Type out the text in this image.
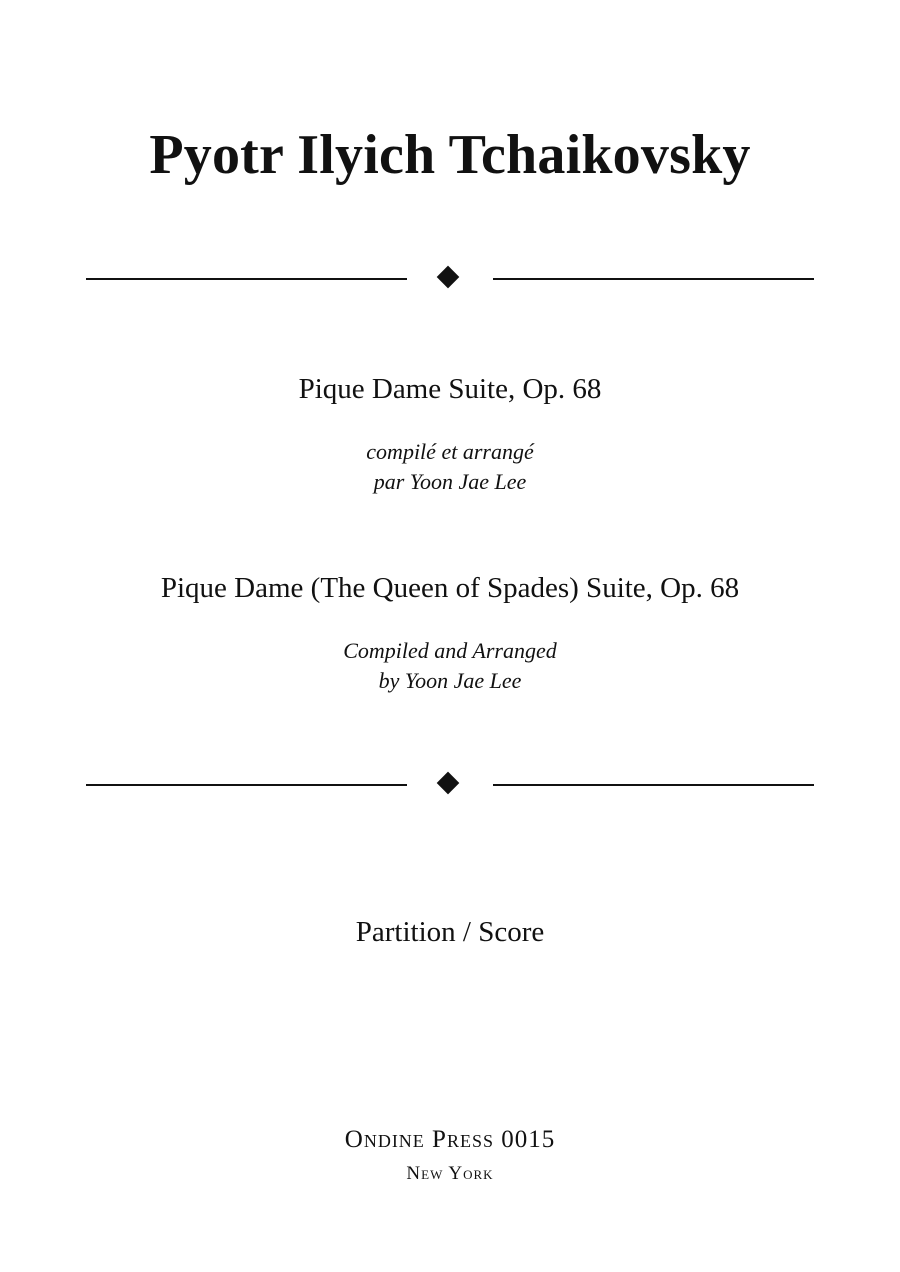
Pyotr Ilyich Tchaikovsky
Pique Dame Suite, Op. 68
compilé et arrangé
par Yoon Jae Lee
Pique Dame (The Queen of Spades) Suite, Op. 68
Compiled and Arranged
by Yoon Jae Lee
Partition / Score
Ondine Press 0015
New York
